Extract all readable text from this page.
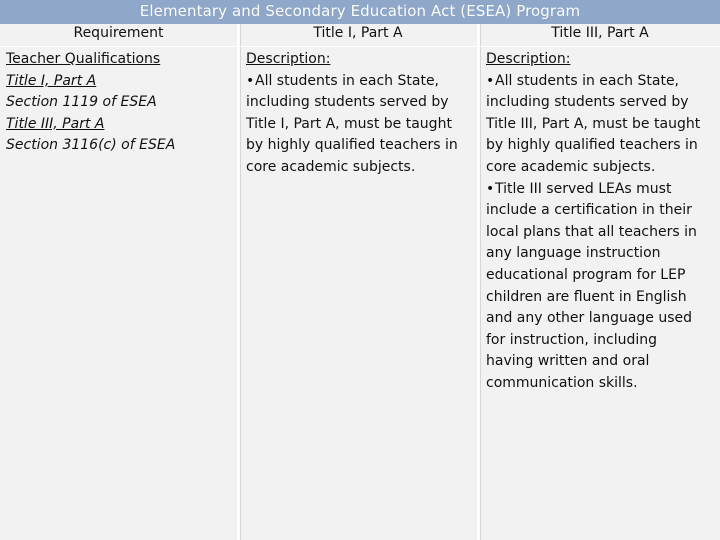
Elementary and Secondary Education Act (ESEA) Program
Requirement	Title I, Part A	Title III, Part A
Teacher Qualifications
Title I, Part A
Section 1119 of ESEA
Title III, Part A
Section 3116(c) of ESEA
Description:
•All students in each State,
including students served by
Title I, Part A, must be taught
by highly qualified teachers in
core academic subjects.
Description:
•All students in each State,
including students served by
Title III, Part A, must be taught
by highly qualified teachers in
core academic subjects.
•Title III served LEAs must
include a certification in their
local plans that all teachers in
any language instruction
educational program for LEP
children are fluent in English
and any other language used
for instruction, including
having written and oral
communication skills.
